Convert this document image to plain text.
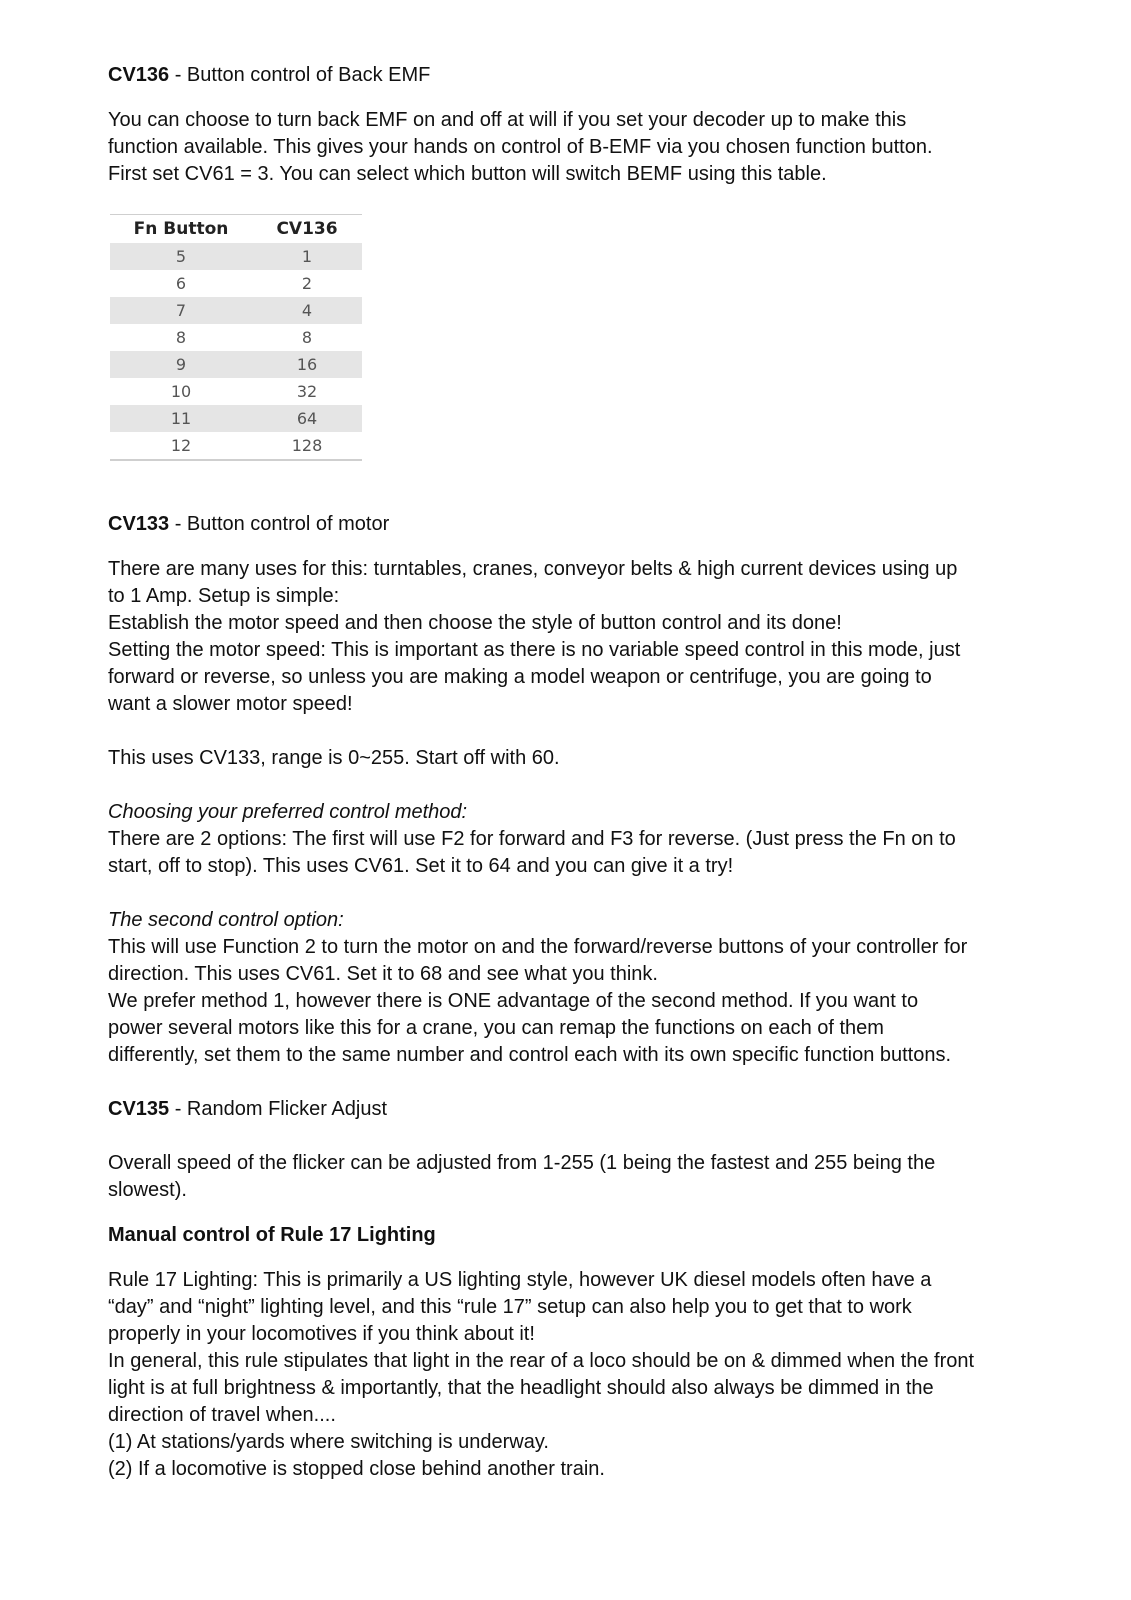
CV136 - Button control of Back EMF

You can choose to turn back EMF on and off at will if you set your decoder up to make this

function available. This gives your hands on control of B-EMF via you chosen function button.

First set CV61 = 3. You can select which button will switch BEMF using this table.

Fn Button	CV136
5	1
6	2
7	4
8	8
9	16
10	32
11	64
12	128

CV133 - Button control of motor

There are many uses for this: turntables, cranes, conveyor belts & high current devices using up

to 1 Amp. Setup is simple:

Establish the motor speed and then choose the style of button control and its done!

Setting the motor speed: This is important as there is no variable speed control in this mode, just

forward or reverse, so unless you are making a model weapon or centrifuge, you are going to

want a slower motor speed!

This uses CV133, range is 0~255. Start off with 60.

Choosing your preferred control method:

There are 2 options: The first will use F2 for forward and F3 for reverse. (Just press the Fn on to

start, off to stop). This uses CV61. Set it to 64 and you can give it a try!

The second control option:

This will use Function 2 to turn the motor on and the forward/reverse buttons of your controller for

direction. This uses CV61. Set it to 68 and see what you think.

We prefer method 1, however there is ONE advantage of the second method. If you want to

power several motors like this for a crane, you can remap the functions on each of them

differently, set them to the same number and control each with its own specific function buttons.

CV135 - Random Flicker Adjust

Overall speed of the flicker can be adjusted from 1-255 (1 being the fastest and 255 being the

slowest).

Manual control of Rule 17 Lighting

Rule 17 Lighting: This is primarily a US lighting style, however UK diesel models often have a

“day” and “night” lighting level, and this “rule 17” setup can also help you to get that to work

properly in your locomotives if you think about it!

In general, this rule stipulates that light in the rear of a loco should be on & dimmed when the front

light is at full brightness & importantly, that the headlight should also always be dimmed in the

direction of travel when....

(1) At stations/yards where switching is underway.

(2) If a locomotive is stopped close behind another train.
